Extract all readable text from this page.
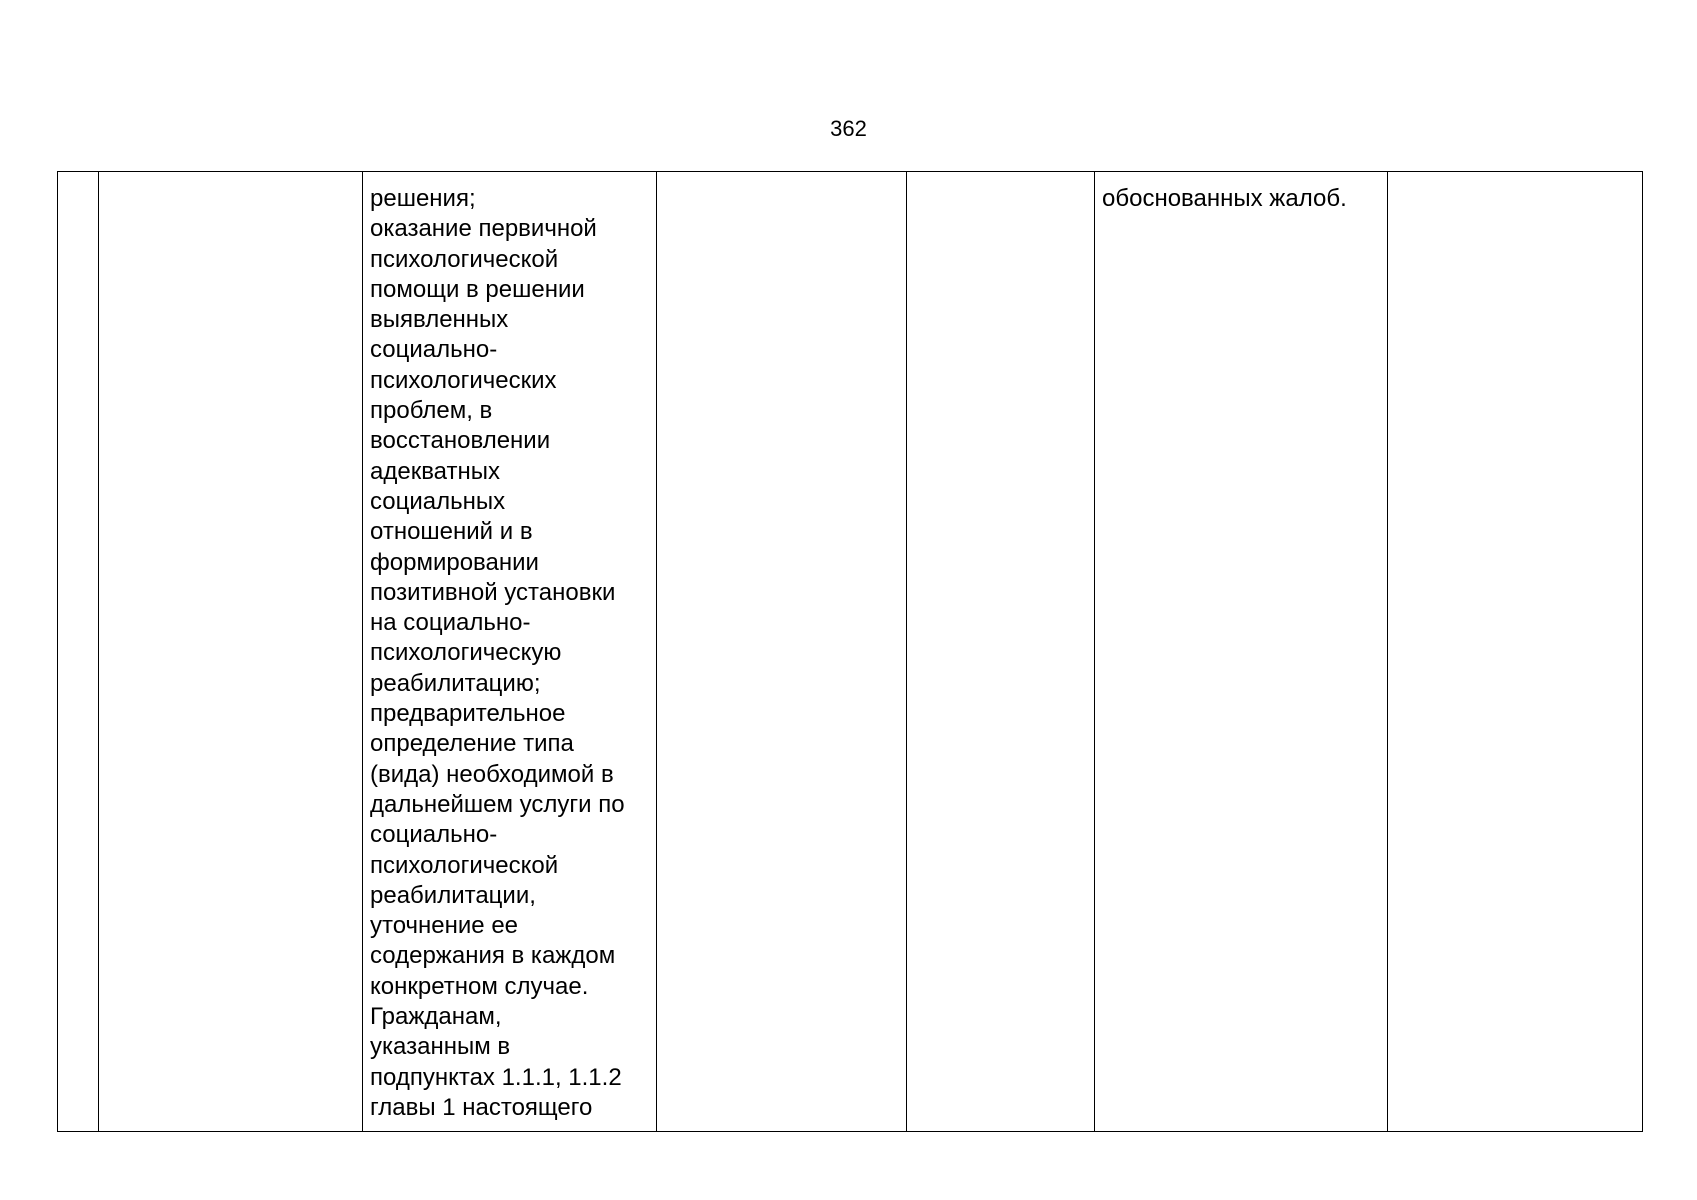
362
		решения;
оказание первичной
психологической
помощи в решении
выявленных
социально-
психологических
проблем, в
восстановлении
адекватных
социальных
отношений и в
формировании
позитивной установки
на социально-
психологическую
реабилитацию;
предварительное
определение типа
(вида) необходимой в
дальнейшем услуги по
социально-
психологической
реабилитации,
уточнение ее
содержания в каждом
конкретном случае.
Гражданам,
указанным в
подпунктах 1.1.1, 1.1.2
главы 1 настоящего			обоснованных жалоб.	
